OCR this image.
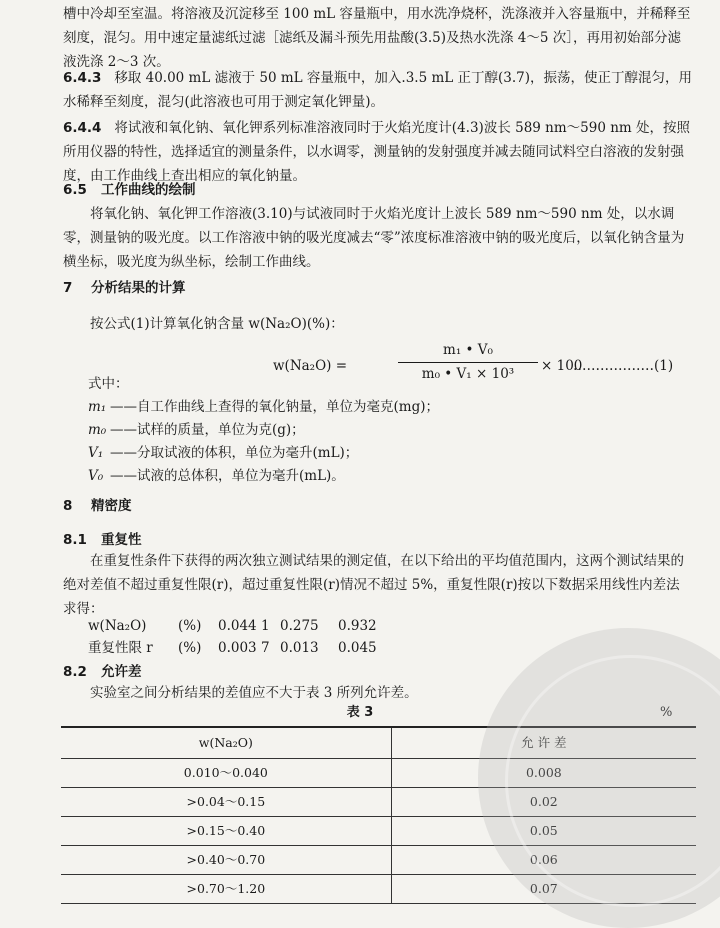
槽中冷却至室温。将溶液及沉淀移至 100 mL 容量瓶中，用水洗净烧杯，洗涤液并入容量瓶中，并稀释至刻度，混匀。用中速定量滤纸过滤［滤纸及漏斗预先用盐酸(3.5)及热水洗涤 4～5 次］，再用初始部分滤液洗涤 2～3 次。

6.4.3 移取 40.00 mL 滤液于 50 mL 容量瓶中，加入.3.5 mL 正丁醇(3.7)，振荡，使正丁醇混匀，用水稀释至刻度，混匀(此溶液也可用于测定氧化钾量)。

6.4.4 将试液和氧化钠、氧化钾系列标准溶液同时于火焰光度计(4.3)波长 589 nm～590 nm 处，按照所用仪器的特性，选择适宜的测量条件，以水调零，测量钠的发射强度并减去随同试料空白溶液的发射强度，由工作曲线上查出相应的氧化钠量。

6.5 工作曲线的绘制

将氧化钠、氧化钾工作溶液(3.10)与试液同时于火焰光度计上波长 589 nm～590 nm 处，以水调零，测量钠的吸光度。以工作溶液中钠的吸光度减去“零”浓度标准溶液中钠的吸光度后，以氧化钠含量为横坐标，吸光度为纵坐标，绘制工作曲线。

7 分析结果的计算

按公式(1)计算氧化钠含量 w(Na₂O)(%)：

w(Na₂O) =	$\frac{\text{m₁ • V₀}}{\text{m₀ • V₁ × 10³}} \times 100$
………………(1)

式中：

m₁ ——自工作曲线上查得的氧化钠量，单位为毫克(mg)；

m₀ ——试样的质量，单位为克(g)；

V₁ ——分取试液的体积，单位为毫升(mL)；

V₀ ——试液的总体积，单位为毫升(mL)。

8 精密度

8.1 重复性

在重复性条件下获得的两次独立测试结果的测定值，在以下给出的平均值范围内，这两个测试结果的绝对差值不超过重复性限(r)，超过重复性限(r)情况不超过 5%，重复性限(r)按以下数据采用线性内差法求得：

w(Na₂O) (%) 0.044 1 0.275 0.932

重复性限 r (%) 0.003 7 0.013 0.045

8.2 允许差

实验室之间分析结果的差值应不大于表 3 所列允许差。

表 3	%
w(Na₂O)	允 许 差
0.010～0.040	0.008
>0.04～0.15	0.02
>0.15～0.40	0.05
>0.40～0.70	0.06
>0.70～1.20	0.07
